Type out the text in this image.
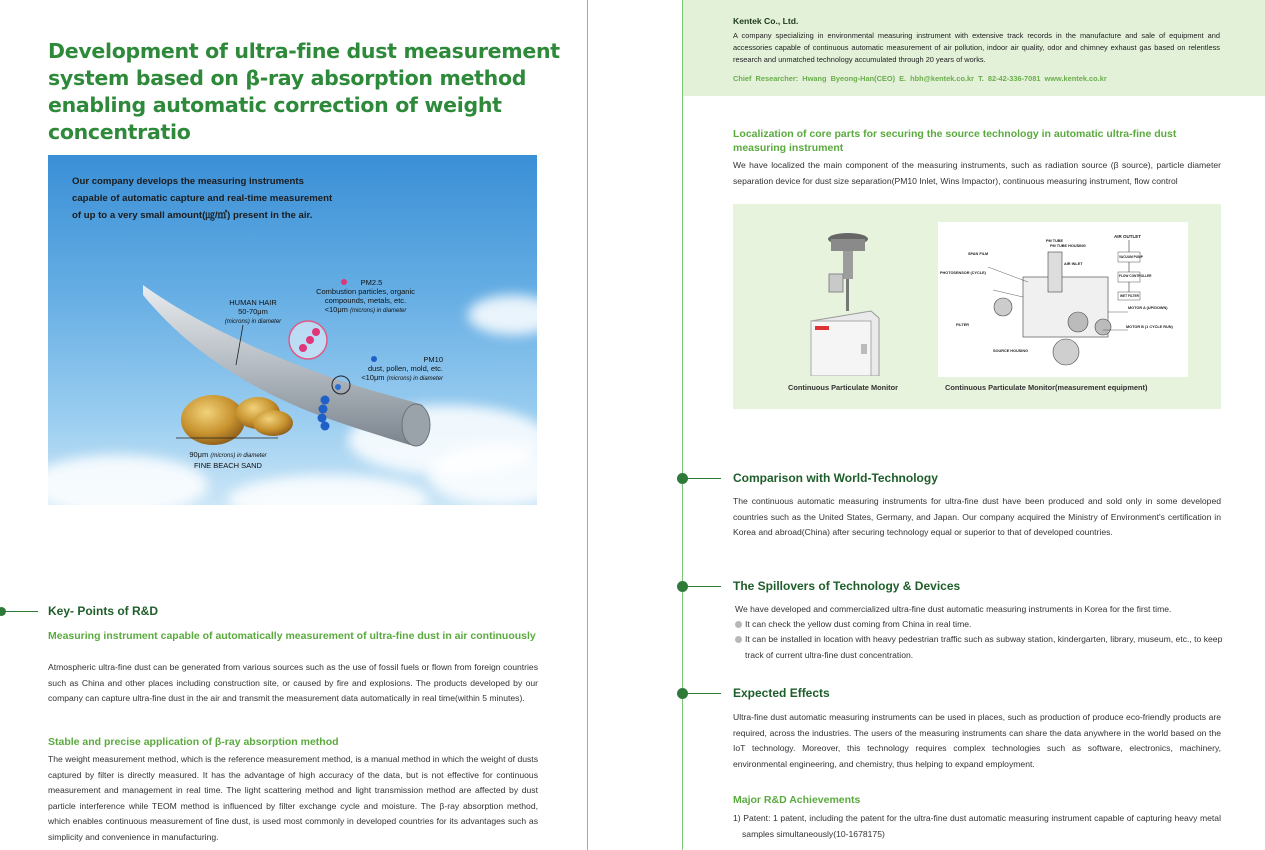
Development of ultra-fine dust measurement system based on β-ray absorption method enabling automatic correction of weight concentratio
Our company develops the measuring instruments
capable of automatic capture and real-time measurement
of up to a very small amount(㎍/㎥) present in the air.
HUMAN HAIR
50-70μm
(microns) in diameter
PM2.5
Combustion particles, organic
compounds, metals, etc.
<10μm (microns) in diameter
PM10
dust, pollen, mold, etc.
<10μm (microns) in diameter
90μm (microns) in diameter
FINE BEACH SAND
Key- Points of R&D
Measuring instrument capable of automatically measurement of ultra-fine dust in air continuously

Atmospheric ultra-fine dust can be generated from various sources such as the use of fossil fuels or flown from foreign countries such as China and other places including construction site, or caused by fire and explosions. The products developed by our company can capture ultra-fine dust in the air and transmit the measurement data automatically in real time(within 5 minutes).

Stable and precise application of β-ray absorption method

The weight measurement method, which is the reference measurement method, is a manual method in which the weight of dusts captured by filter is directly measured. It has the advantage of high accuracy of the data, but is not effective for continuous measurement and management in real time. The light scattering method and light transmission method are affected by dust particle interference while TEOM method is influenced by filter exchange cycle and moisture. The β-ray absorption method, which enables continuous measurement of fine dust, is used most commonly in developed countries for its advantages such as simplicity and convenience in manufacturing.

Kentek Co., Ltd.

A company specializing in environmental measuring instrument with extensive track records in the manufacture and sale of equipment and accessories capable of continuous automatic measurement of air pollution, indoor air quality, odor and chimney exhaust gas based on relentless research and unmatched technology accumulated through 20 years of works.

Chief Researcher: Hwang Byeong-Han(CEO) E. hbh@kentek.co.kr T. 82-42-336-7081 www.kentek.co.kr

Localization of core parts for securing the source technology in automatic ultra-fine dust measuring instrument

We have localized the main component of the measuring instruments, such as radiation source (β source), particle diameter separation device for dust size separation(PM10 Inlet, Wins Impactor), continuous measuring instrument, flow control

PM TUBE
PM TUBE HOUSING
AIR OUTLET
SPAN FILM
AIR INLET
VACUUM PUMP
FLOW CONTROLLER
PHOTOSENSOR (CYCLE)
WET FILTER
MOTOR A (UP/DOWN)
FILTER	MOTOR B (1 CYCLE RUN)
SOURCE HOUSING

Continuous Particulate Monitor	Continuous Particulate Monitor(measurement equipment)

Comparison with World-Technology

The continuous automatic measuring instruments for ultra-fine dust have been produced and sold only in some developed countries such as the United States, Germany, and Japan. Our company acquired the Ministry of Environment's certification in Korea and abroad(China) after securing technology equal or superior to that of developed countries.

The Spillovers of Technology & Devices

We have developed and commercialized ultra-fine dust automatic measuring instruments in Korea for the first time.

It can check the yellow dust coming from China in real time.

It can be installed in location with heavy pedestrian traffic such as subway station, kindergarten, library, museum, etc., to keep track of current ultra-fine dust concentration.

Expected Effects

Ultra-fine dust automatic measuring instruments can be used in places, such as production of produce eco-friendly products are required, across the industries. The users of the measuring instruments can share the data anywhere in the world based on the IoT technology. Moreover, this technology requires complex technologies such as software, electronics, machinery, environmental engineering, and chemistry, thus helping to expand employment.

Major R&D Achievements

1) Patent: 1 patent, including the patent for the ultra-fine dust automatic measuring instrument capable of capturing heavy metal samples simultaneously(10-1678175)
